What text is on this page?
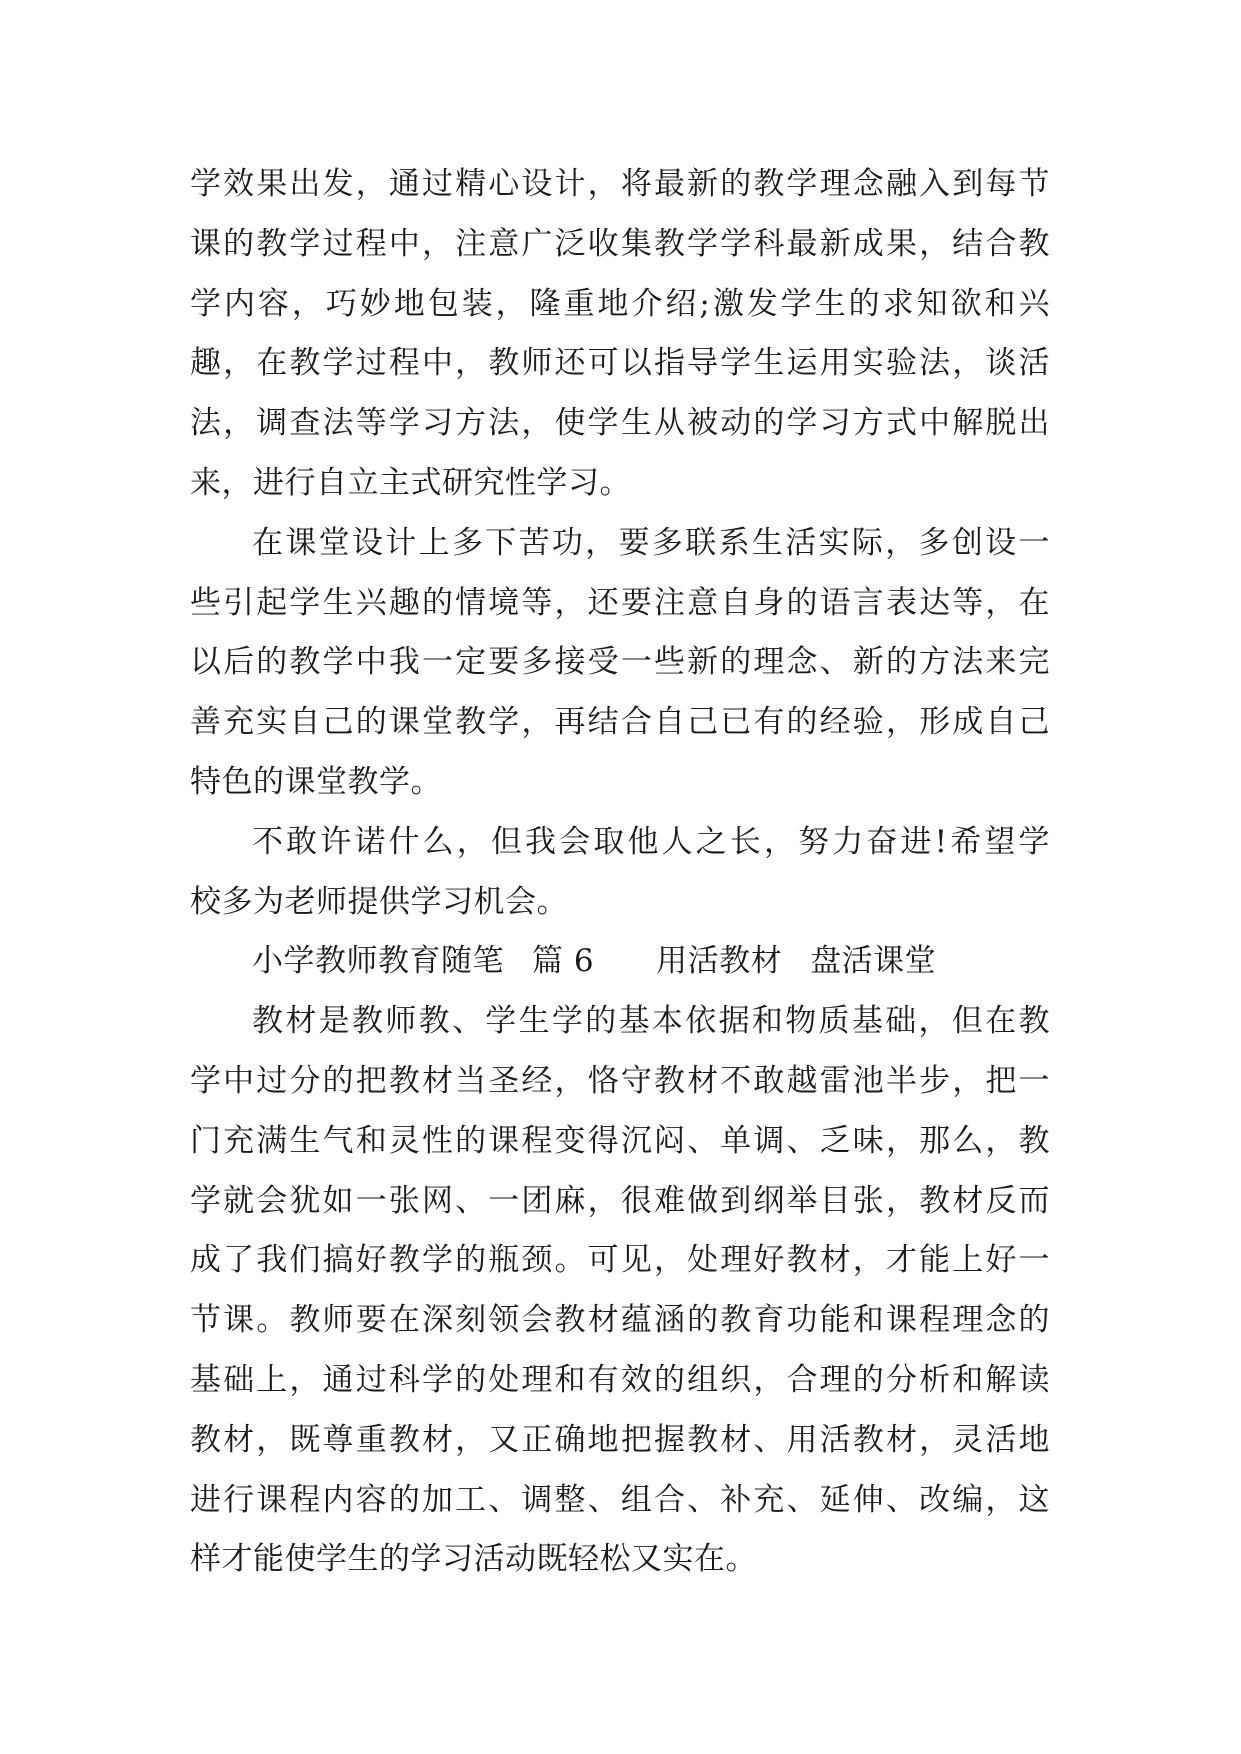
学效果出发，通过精心设计，将最新的教学理念融入到每节
课的教学过程中，注意广泛收集教学学科最新成果，结合教
学内容，巧妙地包装，隆重地介绍;激发学生的求知欲和兴
趣，在教学过程中，教师还可以指导学生运用实验法，谈活
法，调查法等学习方法，使学生从被动的学习方式中解脱出
来，进行自立主式研究性学习。
在课堂设计上多下苦功，要多联系生活实际，多创设一
些引起学生兴趣的情境等，还要注意自身的语言表达等，在
以后的教学中我一定要多接受一些新的理念、新的方法来完
善充实自己的课堂教学，再结合自己已有的经验，形成自己
特色的课堂教学。
不敢许诺什么，但我会取他人之长，努力奋进!希望学
校多为老师提供学习机会。
小学教师教育随笔 篇 6 用活教材 盘活课堂
教材是教师教、学生学的基本依据和物质基础，但在教
学中过分的把教材当圣经，恪守教材不敢越雷池半步，把一
门充满生气和灵性的课程变得沉闷、单调、乏味，那么，教
学就会犹如一张网、一团麻，很难做到纲举目张，教材反而
成了我们搞好教学的瓶颈。可见，处理好教材，才能上好一
节课。教师要在深刻领会教材蕴涵的教育功能和课程理念的
基础上，通过科学的处理和有效的组织，合理的分析和解读
教材，既尊重教材，又正确地把握教材、用活教材，灵活地
进行课程内容的加工、调整、组合、补充、延伸、改编，这
样才能使学生的学习活动既轻松又实在。
